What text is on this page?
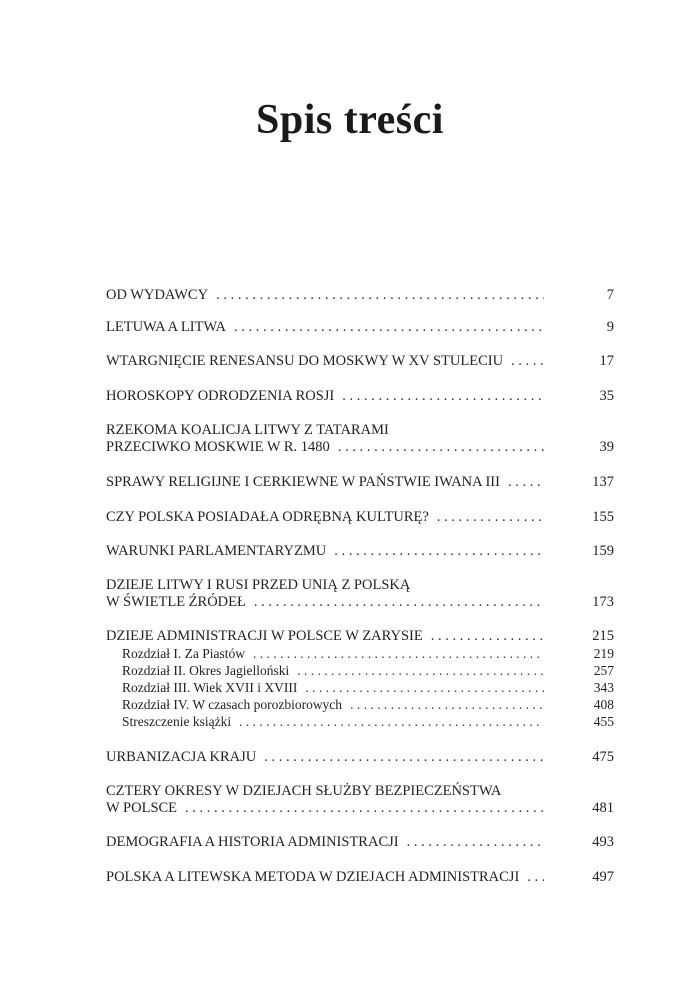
Spis treści
OD WYDAWCY . . .	7
LETUWA A LITWA . . .	9
WTARGNIĘCIE RENESANSU DO MOSKWY W XV STULECIU . . .	17
HOROSKOPY ODRODZENIA ROSJI . . .	35
RZEKOMA KOALICJA LITWY Z TATARAMI
PRZECIWKO MOSKWIE W R. 1480 . . .	39
SPRAWY RELIGIJNE I CERKIEWNE W PAŃSTWIE IWANA III . . .	137
CZY POLSKA POSIADAŁA ODRĘBNĄ KULTURĘ? . . .	155
WARUNKI PARLAMENTARYZMU . . .	159
DZIEJE LITWY I RUSI PRZED UNIĄ Z POLSKĄ
W ŚWIETLE ŹRÓDEŁ . . .	173
DZIEJE ADMINISTRACJI W POLSCE W ZARYSIE . . .	215
Rozdział I. Za Piastów . . .	219
Rozdział II. Okres Jagielloński . . .	257
Rozdział III. Wiek XVII i XVIII . . .	343
Rozdział IV. W czasach porozbiorowych . . .	408
Streszczenie książki . . .	455
URBANIZACJA KRAJU . . .	475
CZTERY OKRESY W DZIEJACH SŁUŻBY BEZPIECZEŃSTWA
W POLSCE . . .	481
DEMOGRAFIA A HISTORIA ADMINISTRACJI . . .	493
POLSKA A LITEWSKA METODA W DZIEJACH ADMINISTRACJI . . .	497
